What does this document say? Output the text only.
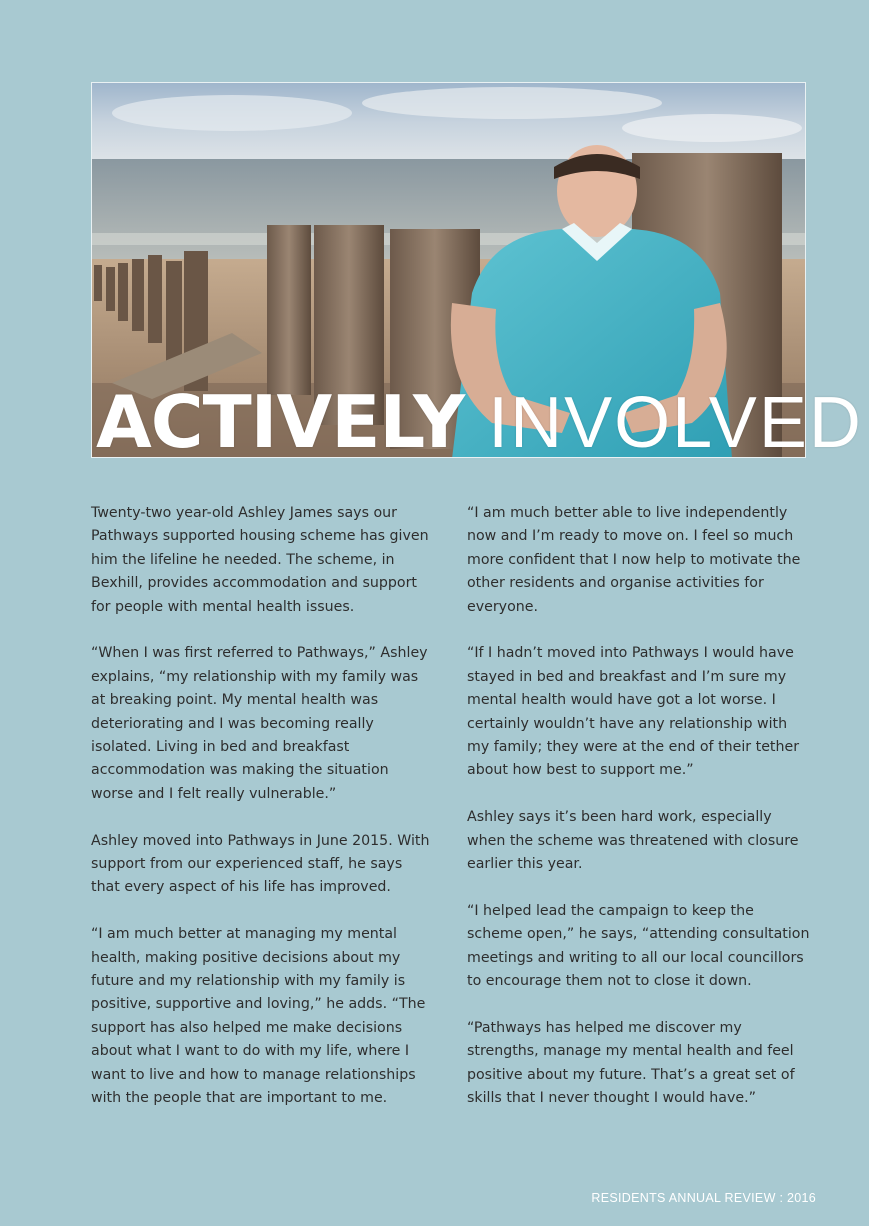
ACTIVELY INVOLVED

Twenty-two year-old Ashley James says our Pathways supported housing scheme has given him the lifeline he needed. The scheme, in Bexhill, provides accommodation and support for people with mental health issues.

“When I was first referred to Pathways,” Ashley explains, “my relationship with my family was at breaking point. My mental health was deteriorating and I was becoming really isolated. Living in bed and breakfast accommodation was making the situation worse and I felt really vulnerable.”

Ashley moved into Pathways in June 2015. With support from our experienced staff, he says that every aspect of his life has improved.

“I am much better at managing my mental health, making positive decisions about my future and my relationship with my family is positive, supportive and loving,” he adds. “The support has also helped me make decisions about what I want to do with my life, where I want to live and how to manage relationships with the people that are important to me.

“I am much better able to live independently now and I’m ready to move on. I feel so much more confident that I now help to motivate the other residents and organise activities for everyone.

“If I hadn’t moved into Pathways I would have stayed in bed and breakfast and I’m sure my mental health would have got a lot worse. I certainly wouldn’t have any relationship with my family; they were at the end of their tether about how best to support me.”

Ashley says it’s been hard work, especially when the scheme was threatened with closure earlier this year.

“I helped lead the campaign to keep the scheme open,” he says, “attending consultation meetings and writing to all our local councillors to encourage them not to close it down.

“Pathways has helped me discover my strengths, manage my mental health and feel positive about my future. That’s a great set of skills that I never thought I would have.”

RESIDENTS ANNUAL REVIEW : 2016
